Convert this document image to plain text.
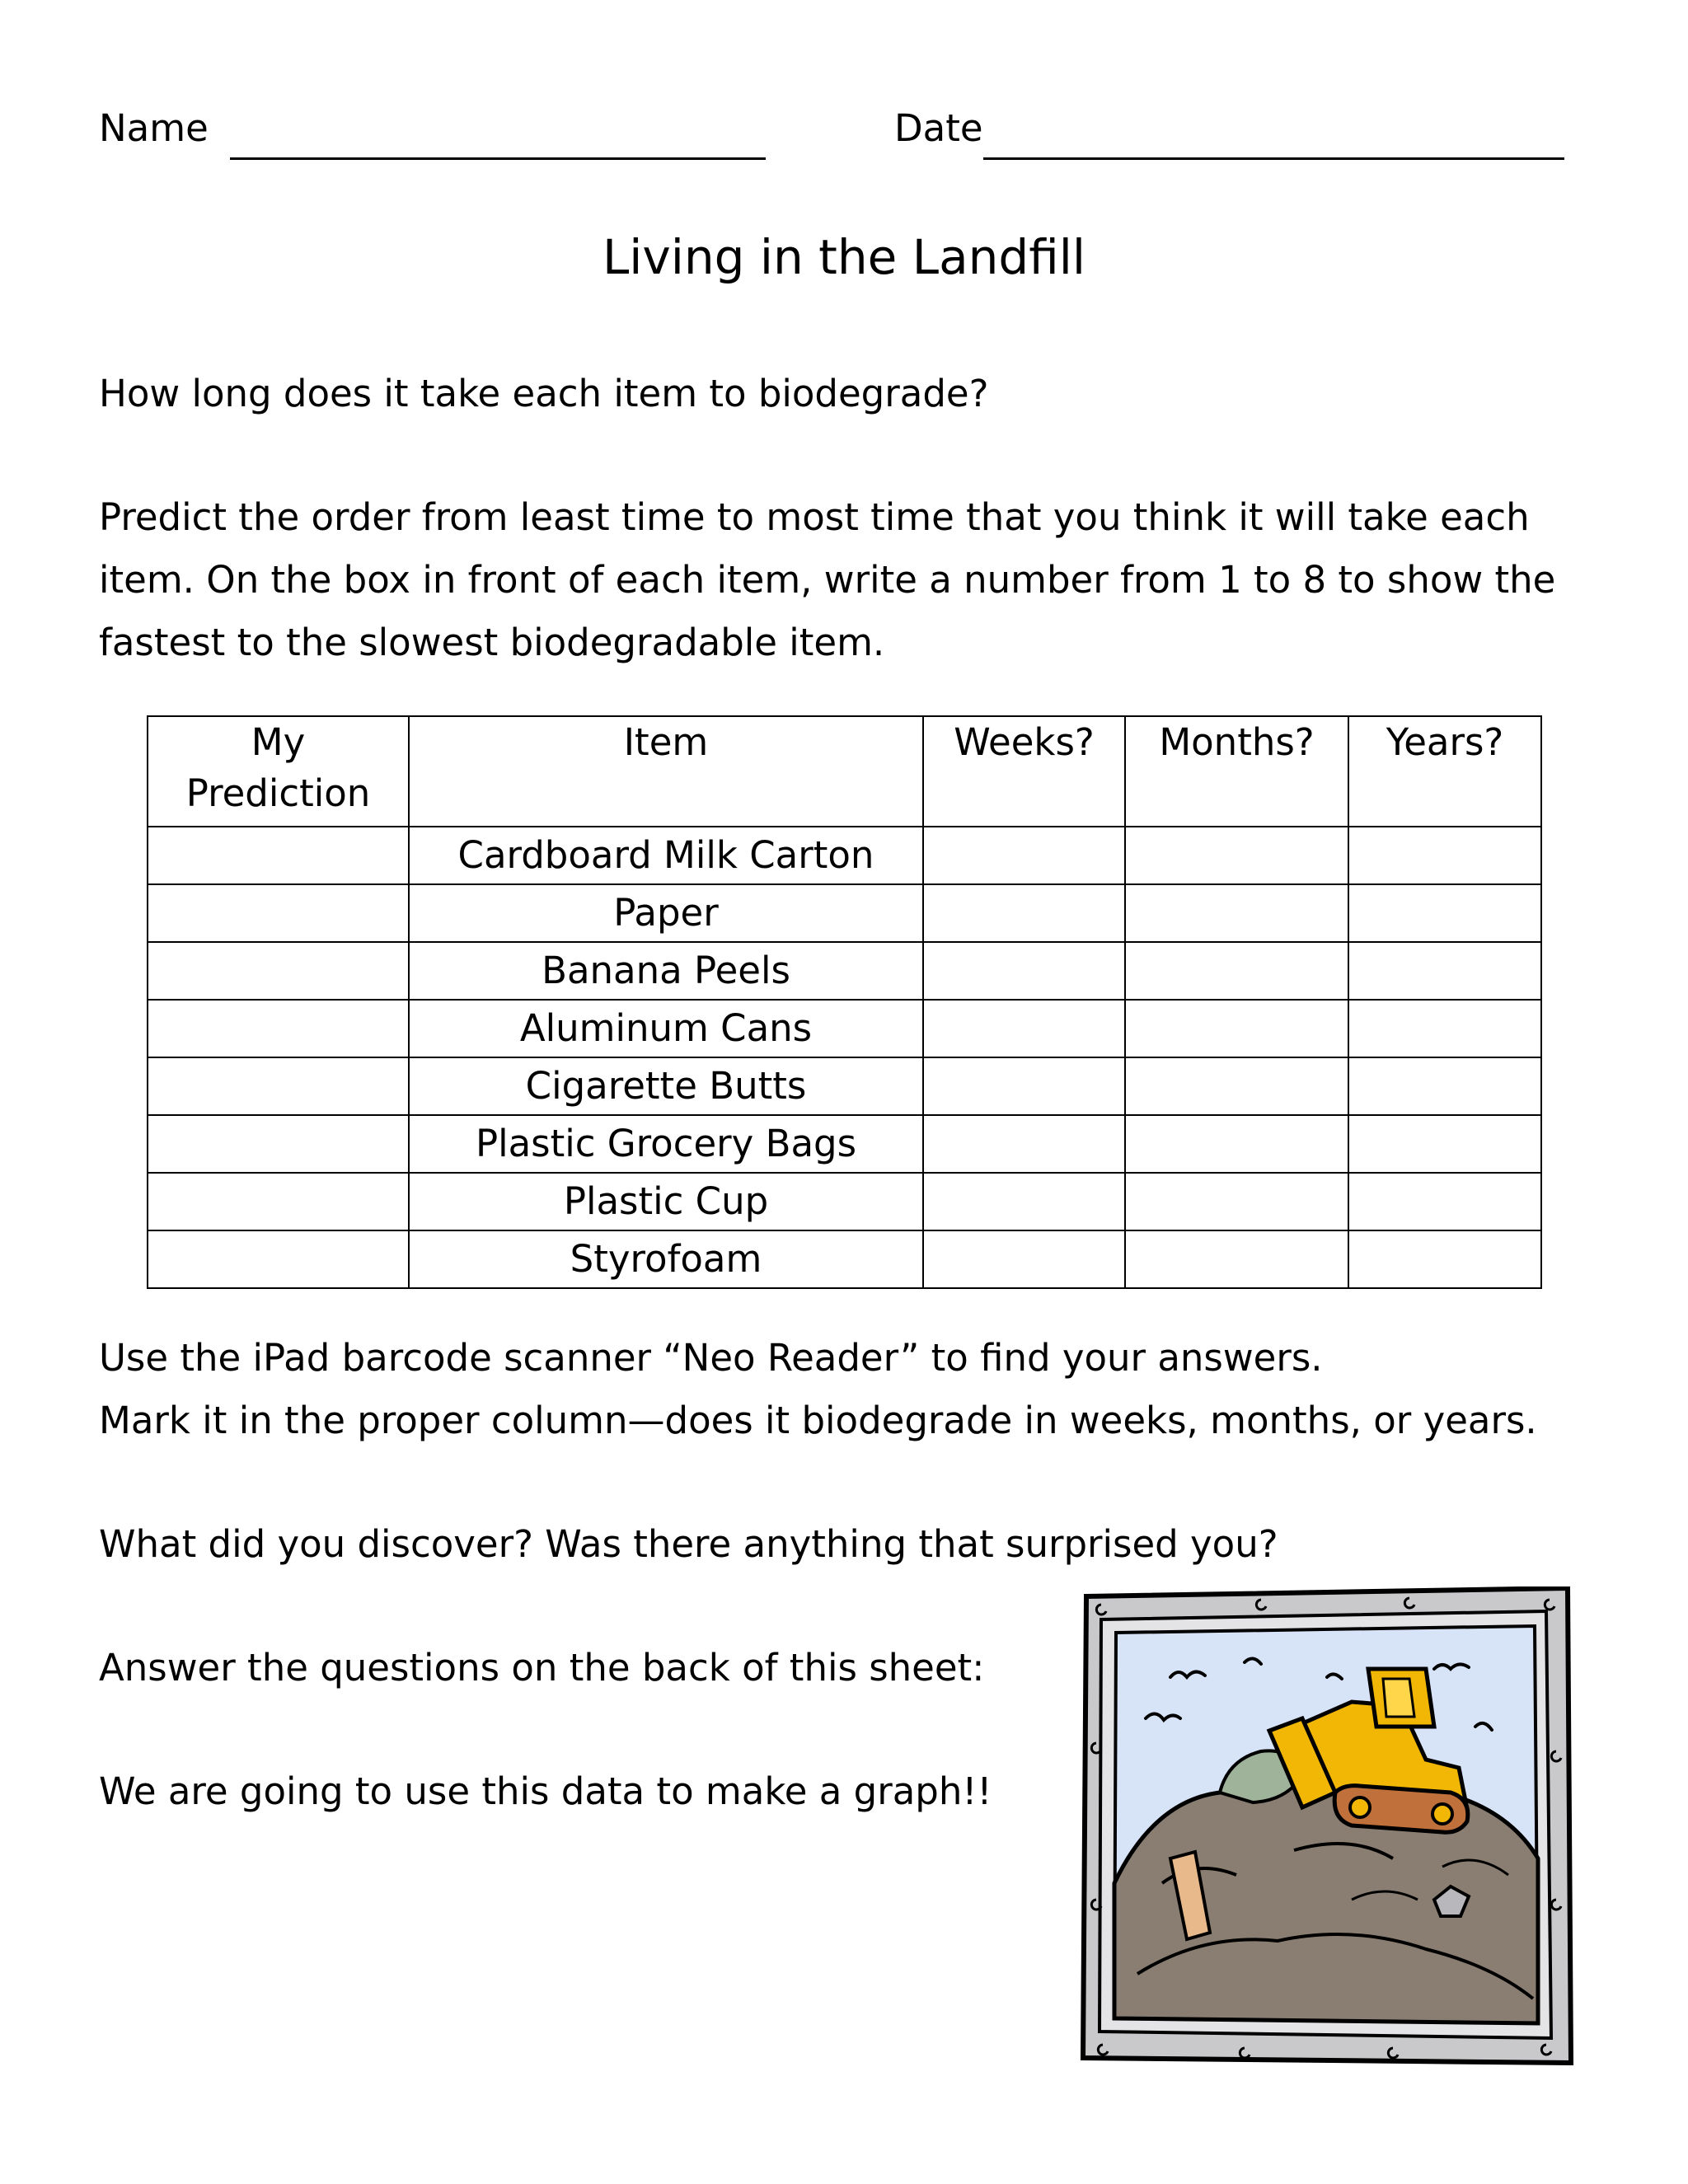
Name	Date
Living in the Landfill
How long does it take each item to biodegrade?
Predict the order from least time to most time that you think it will take each item. On the box in front of each item, write a number from 1 to 8 to show the fastest to the slowest biodegradable item.
My Prediction	Item	Weeks?	Months?	Years?
	Cardboard Milk Carton			
	Paper			
	Banana Peels			
	Aluminum Cans			
	Cigarette Butts			
	Plastic Grocery Bags			
	Plastic Cup			
	Styrofoam			
Use the iPad barcode scanner “Neo Reader” to find your answers.
Mark it in the proper column—does it biodegrade in weeks, months, or years.
What did you discover? Was there anything that surprised you?
Answer the questions on the back of this sheet:
We are going to use this data to make a graph!!
